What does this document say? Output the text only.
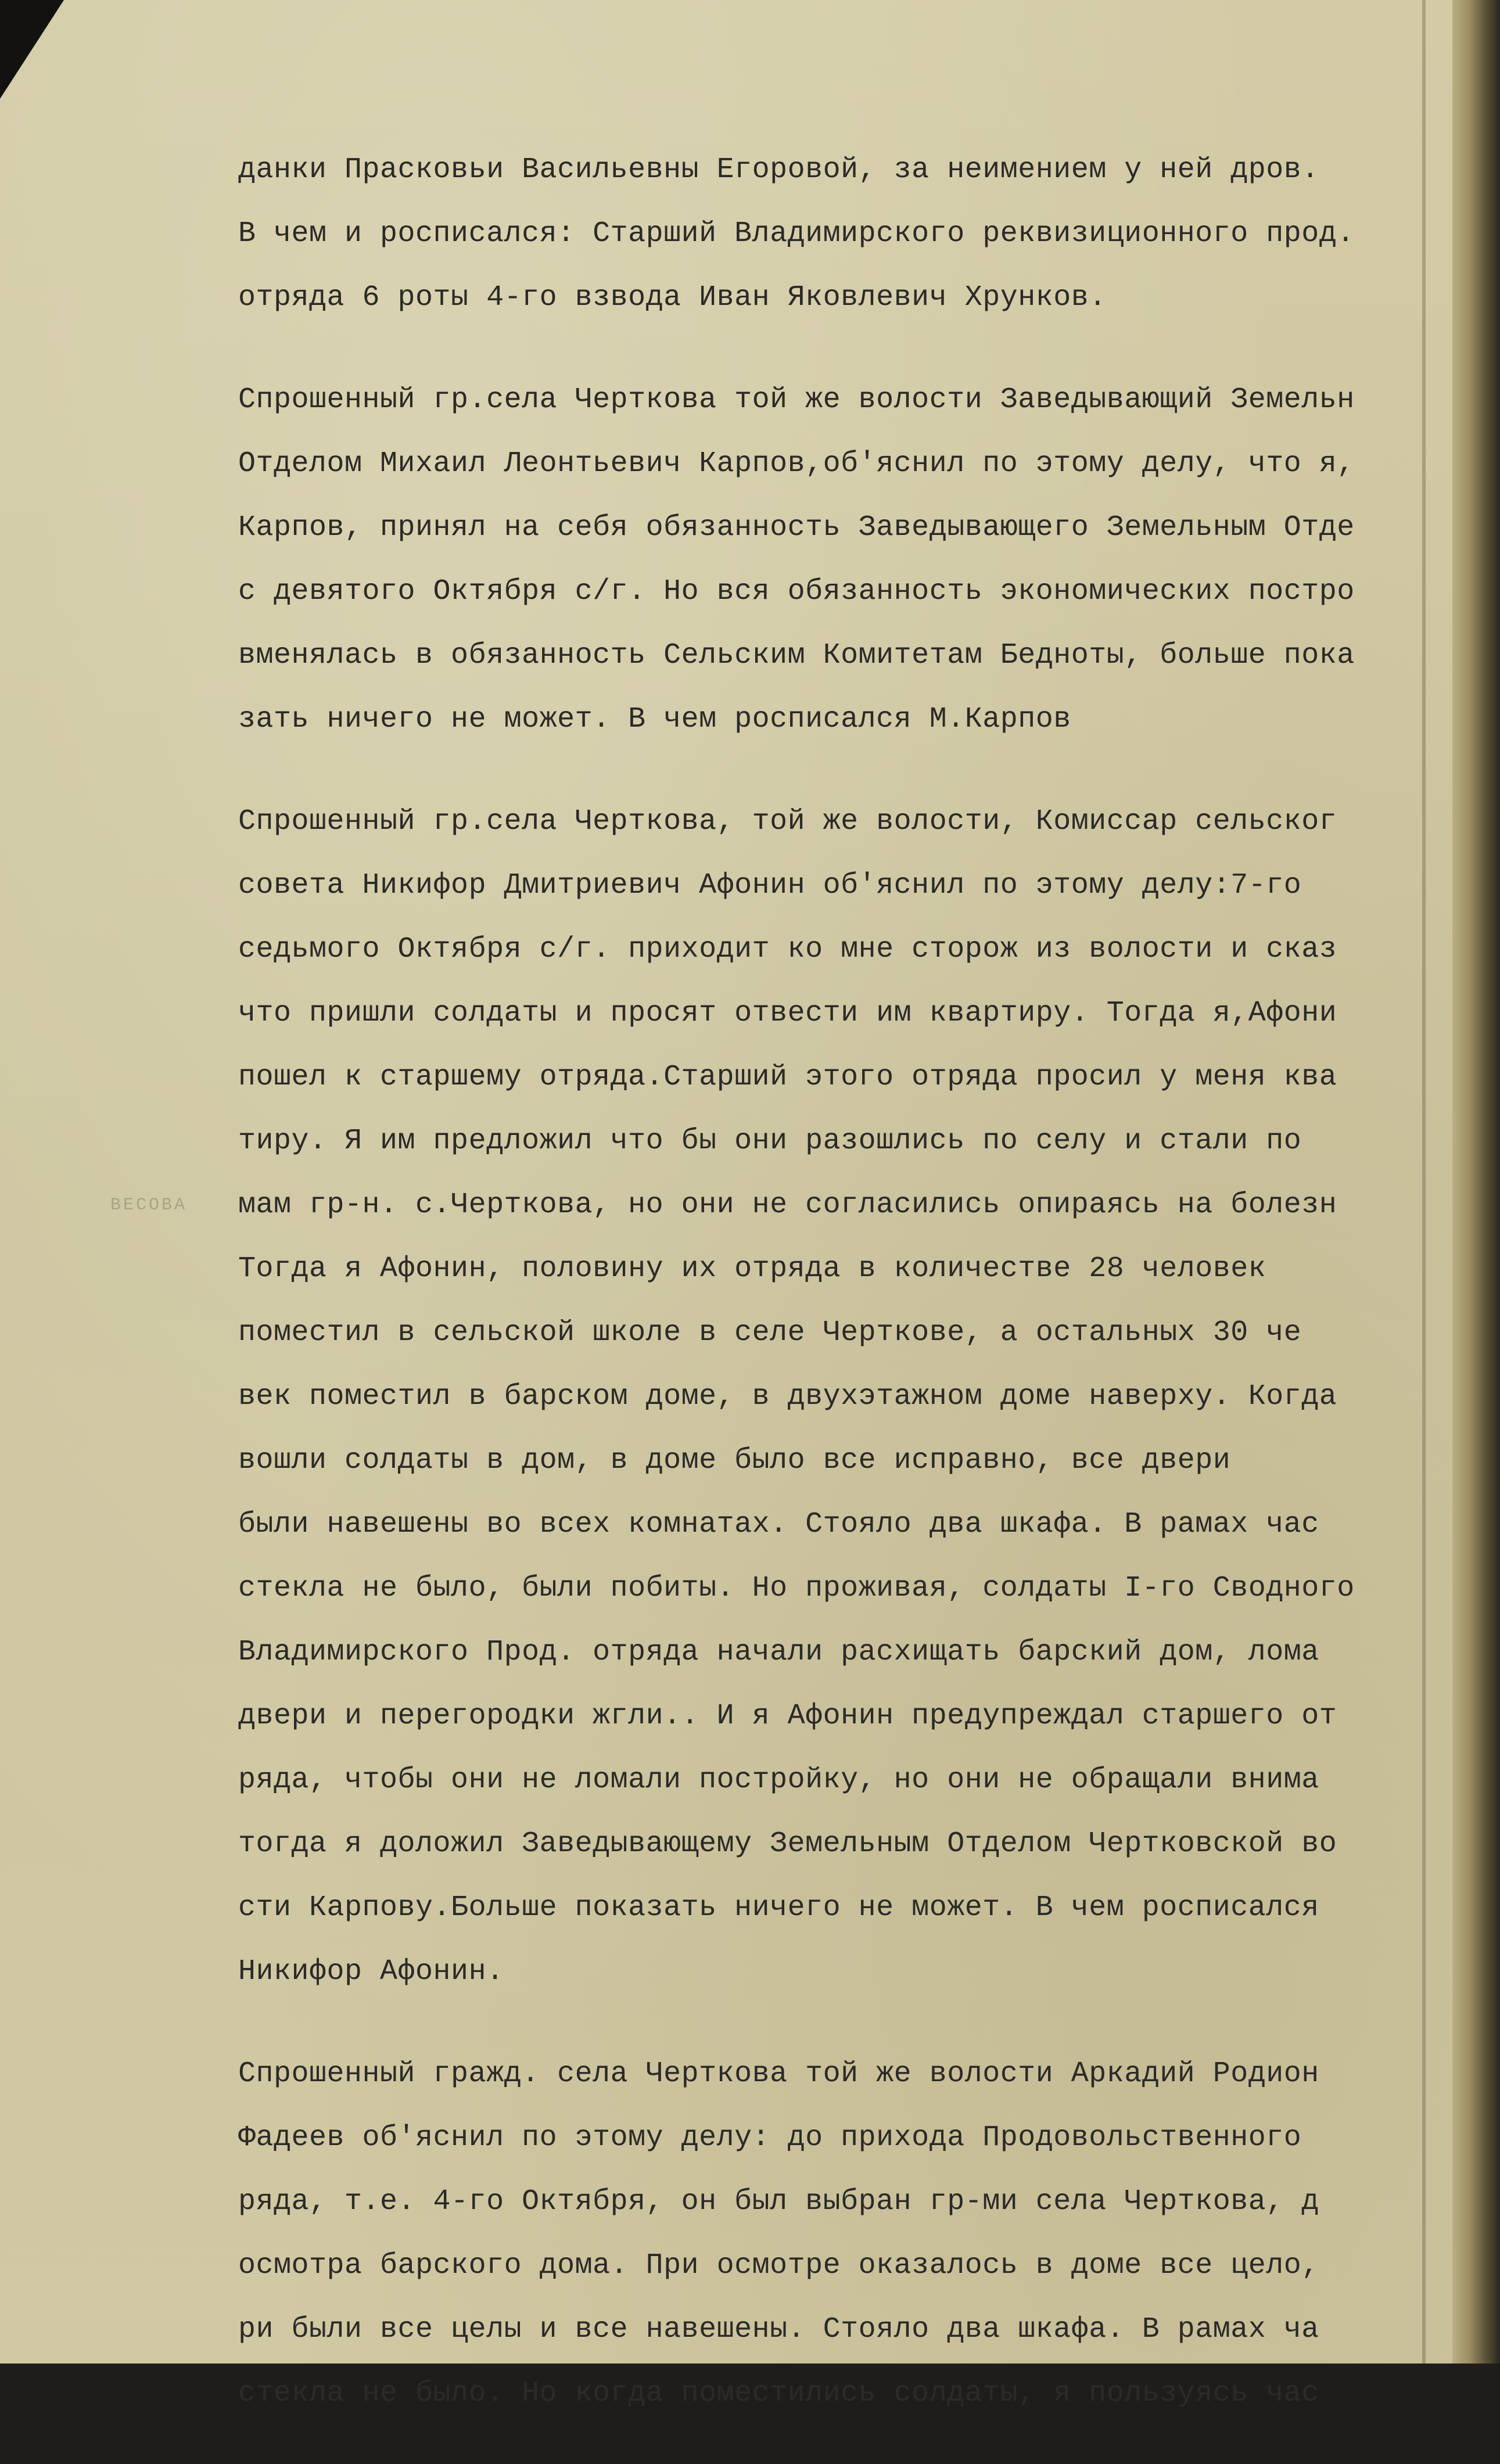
ВЕСОВА
данки Прасковьи Васильевны Егоровой, за неимением у ней дров.
В чем и росписался: Старший Владимирского реквизиционного прод.
отряда 6 роты 4-го взвода Иван Яковлевич Хрунков.
Спрошенный гр.села Черткова той же волости Заведывающий Земельн
Отделом Михаил Леонтьевич Карпов,об'яснил по этому делу, что я,
Карпов, принял на себя обязанность Заведывающего Земельным Отде
с девятого Октября с/г. Но вся обязанность экономических постро
вменялась в обязанность Сельским Комитетам Бедноты, больше пока
зать ничего не может. В чем росписался М.Карпов
Спрошенный гр.села Черткова, той же волости, Комиссар сельског
совета Никифор Дмитриевич Афонин об'яснил по этому делу:7-го
седьмого Октября с/г. приходит ко мне сторож из волости и сказ
что пришли солдаты и просят отвести им квартиру. Тогда я,Афони
пошел к старшему отряда.Старший этого отряда просил у меня ква
тиру. Я им предложил что бы они разошлись по селу и стали по
мам гр-н. с.Черткова, но они не согласились опираясь на болезн
Тогда я Афонин, половину их отряда в количестве 28 человек
поместил в сельской школе в селе Черткове, а остальных 30 че
век поместил в барском доме, в двухэтажном доме наверху. Когда
вошли солдаты в дом, в доме было все исправно, все двери
были навешены во всех комнатах. Стояло два шкафа. В рамах час
стекла не было, были побиты. Но проживая, солдаты I-го Сводного
Владимирского Прод. отряда начали расхищать барский дом, лома
двери и перегородки жгли.. И я Афонин предупреждал старшего от
ряда, чтобы они не ломали постройку, но они не обращали внима
тогда я доложил Заведывающему Земельным Отделом Чертковской во
сти Карпову.Больше показать ничего не может. В чем росписался
Никифор Афонин.
Спрошенный гражд. села Черткова той же волости Аркадий Родион
Фадеев об'яснил по этому делу: до прихода Продовольственного
ряда, т.е. 4-го Октября, он был выбран гр-ми села Черткова, д
осмотра барского дома. При осмотре оказалось в доме все цело,
ри были все целы и все навешены. Стояло два шкафа. В рамах ча
стекла не было. Но когда поместились солдаты, я пользуясь час
